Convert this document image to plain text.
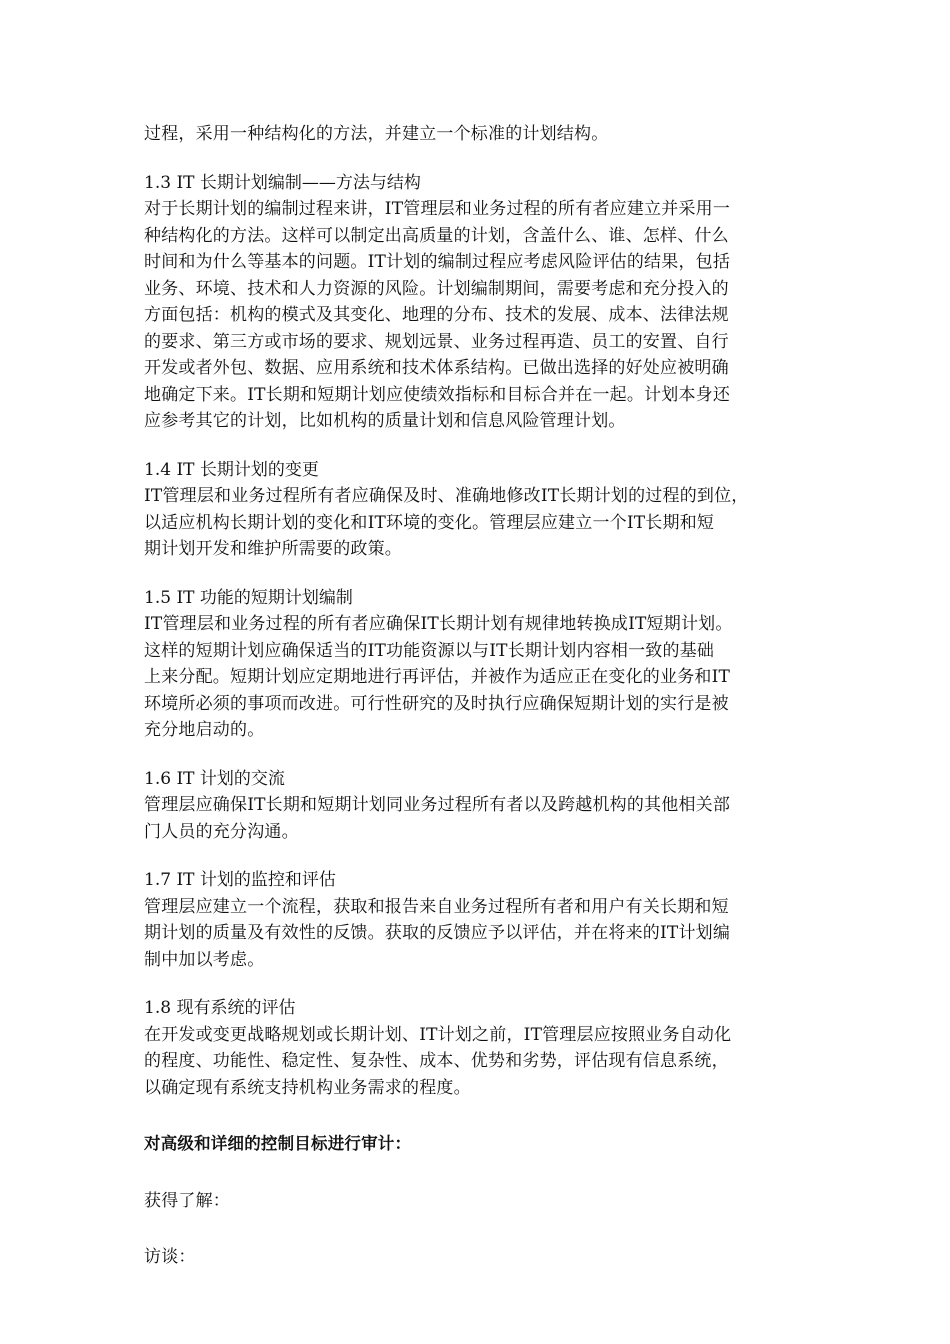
过程，采用一种结构化的方法，并建立一个标准的计划结构。
1.3 IT 长期计划编制——方法与结构
对于长期计划的编制过程来讲，IT管理层和业务过程的所有者应建立并采用一
种结构化的方法。这样可以制定出高质量的计划，含盖什么、谁、怎样、什么
时间和为什么等基本的问题。IT计划的编制过程应考虑风险评估的结果，包括
业务、环境、技术和人力资源的风险。计划编制期间，需要考虑和充分投入的
方面包括：机构的模式及其变化、地理的分布、技术的发展、成本、法律法规
的要求、第三方或市场的要求、规划远景、业务过程再造、员工的安置、自行
开发或者外包、数据、应用系统和技术体系结构。已做出选择的好处应被明确
地确定下来。IT长期和短期计划应使绩效指标和目标合并在一起。计划本身还
应参考其它的计划，比如机构的质量计划和信息风险管理计划。
1.4 IT 长期计划的变更
IT管理层和业务过程所有者应确保及时、准确地修改IT长期计划的过程的到位，
以适应机构长期计划的变化和IT环境的变化。管理层应建立一个IT长期和短
期计划开发和维护所需要的政策。
1.5 IT 功能的短期计划编制
IT管理层和业务过程的所有者应确保IT长期计划有规律地转换成IT短期计划。
这样的短期计划应确保适当的IT功能资源以与IT长期计划内容相一致的基础
上来分配。短期计划应定期地进行再评估，并被作为适应正在变化的业务和IT
环境所必须的事项而改进。可行性研究的及时执行应确保短期计划的实行是被
充分地启动的。
1.6 IT 计划的交流
管理层应确保IT长期和短期计划同业务过程所有者以及跨越机构的其他相关部
门人员的充分沟通。
1.7 IT 计划的监控和评估
管理层应建立一个流程，获取和报告来自业务过程所有者和用户有关长期和短
期计划的质量及有效性的反馈。获取的反馈应予以评估，并在将来的IT计划编
制中加以考虑。
1.8 现有系统的评估
在开发或变更战略规划或长期计划、IT计划之前，IT管理层应按照业务自动化
的程度、功能性、稳定性、复杂性、成本、优势和劣势，评估现有信息系统，
以确定现有系统支持机构业务需求的程度。
对高级和详细的控制目标进行审计：
获得了解：
访谈：
